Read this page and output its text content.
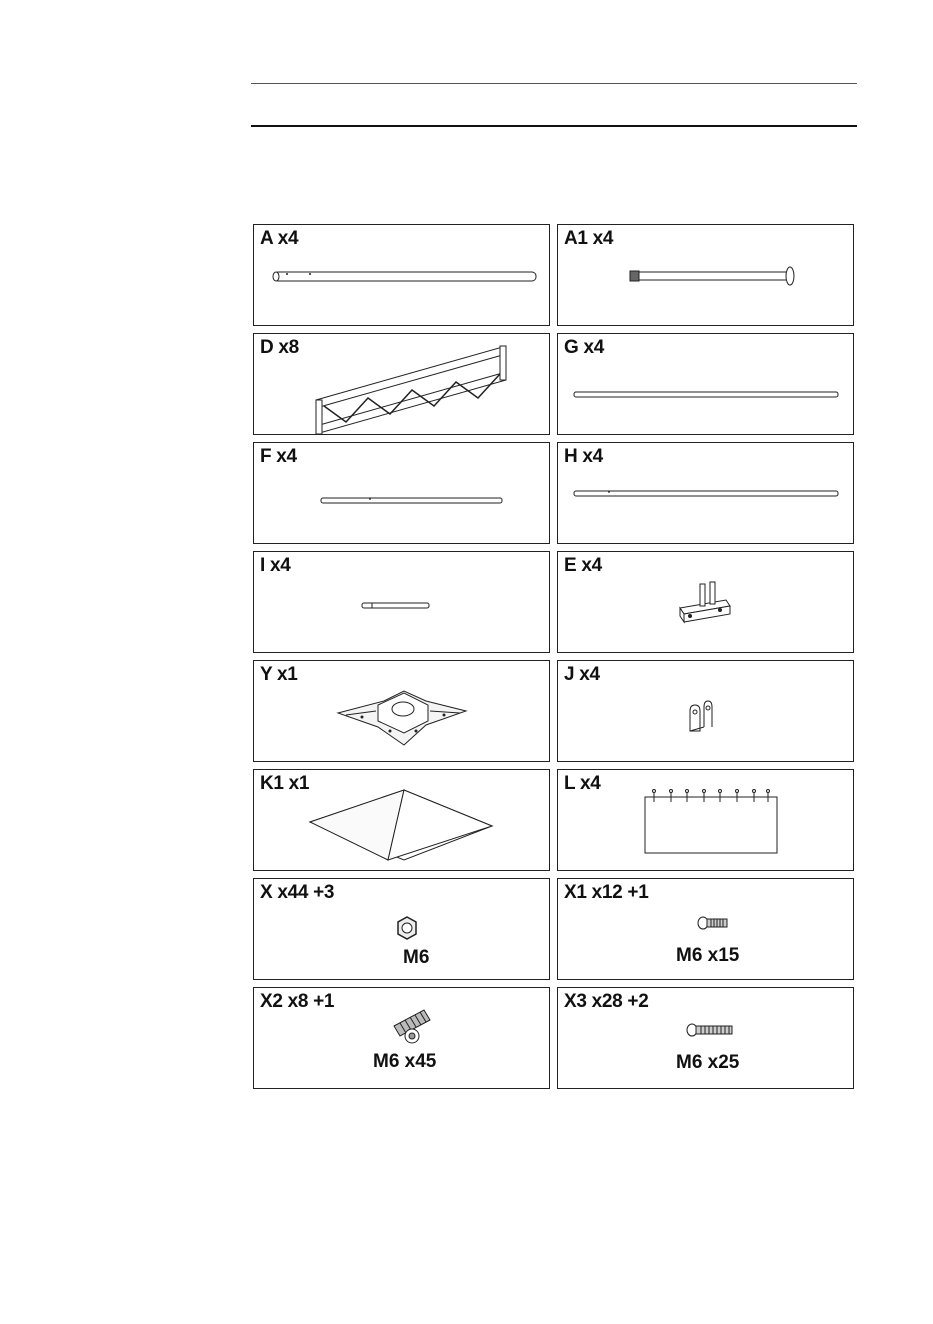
A x4	A1 x4
D x8	G x4
F x4	H x4
I x4	E x4
Y x1	J x4
K1 x1	L x4
X x44 +3
M6
X1 x12 +1
M6 x15
X2 x8 +1
M6 x45
X3 x28 +2
M6 x25
